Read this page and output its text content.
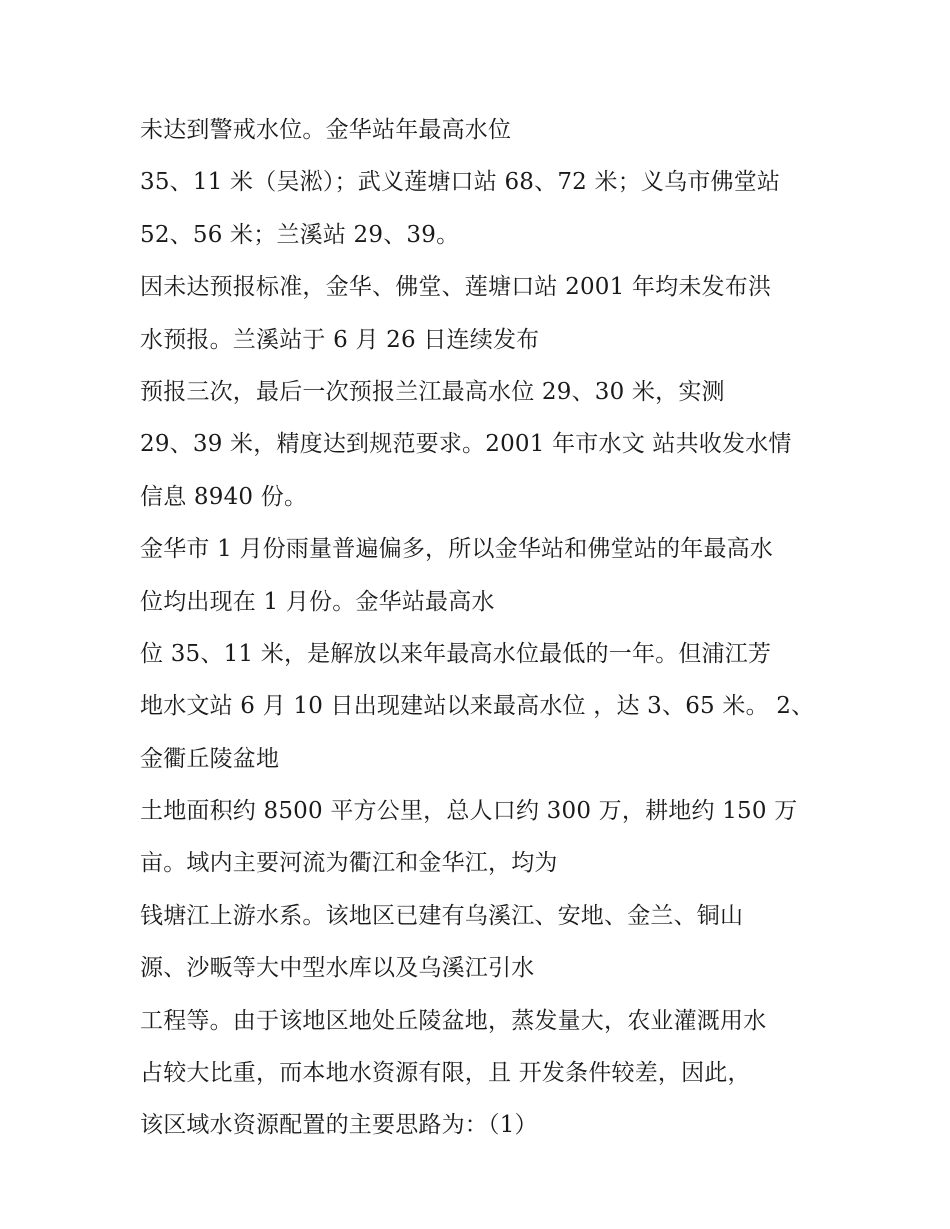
未达到警戒水位。金华站年最高水位
35、11 米（吴淞）；武义莲塘口站 68、72 米；义乌市佛堂站
52、56 米；兰溪站 29、39。
因未达预报标准，金华、佛堂、莲塘口站 2001 年均未发布洪
水预报。兰溪站于 6 月 26 日连续发布
预报三次，最后一次预报兰江最高水位 29、30 米，实测
29、39 米，精度达到规范要求。2001 年市水文 站共收发水情
信息 8940 份。
金华市 1 月份雨量普遍偏多，所以金华站和佛堂站的年最高水
位均出现在 1 月份。金华站最高水
位 35、11 米，是解放以来年最高水位最低的一年。但浦江芳
地水文站 6 月 10 日出现建站以来最高水位 ，达 3、65 米。 2、
金衢丘陵盆地
土地面积约 8500 平方公里，总人口约 300 万，耕地约 150 万
亩。域内主要河流为衢江和金华江，均为
钱塘江上游水系。该地区已建有乌溪江、安地、金兰、铜山
源、沙畈等大中型水库以及乌溪江引水
工程等。由于该地区地处丘陵盆地，蒸发量大，农业灌溉用水
占较大比重，而本地水资源有限，且 开发条件较差，因此，
该区域水资源配置的主要思路为：（1）
